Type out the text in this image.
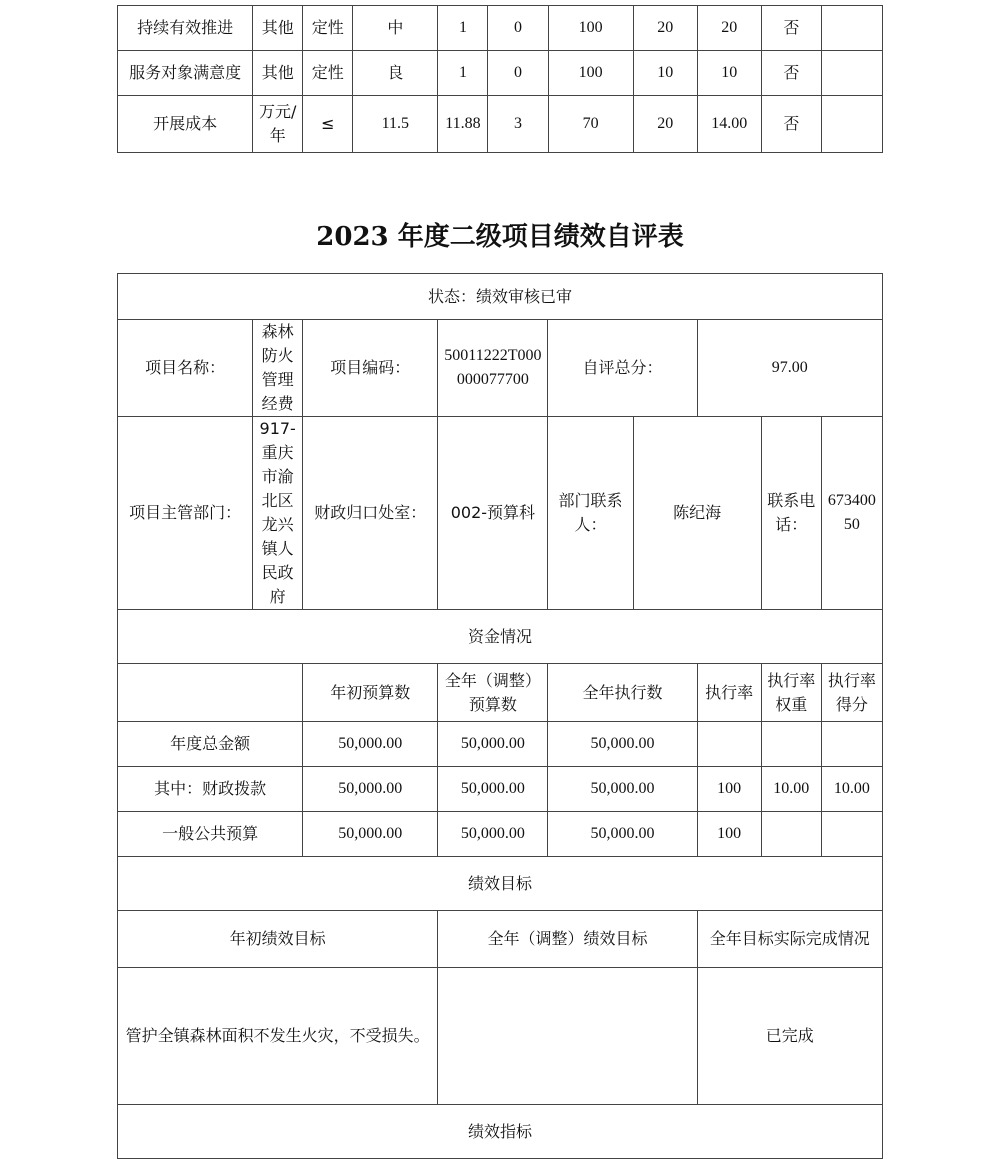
持续有效推进	其他	定性	中	1	0	100	20	20	否	
服务对象满意度	其他	定性	良	1	0	100	10	10	否	
开展成本	万元/年	≤	11.5	11.88	3	70	20	14.00	否	
2023 年度二级项目绩效自评表
状态：绩效审核已审								
项目名称：	森林防火管理经费	项目编码：	50011222T000000077700	自评总分：		97.00		
项目主管部门：	917-重庆市渝北区龙兴镇人民政府	财政归口处室：	002-预算科	部门联系人：	陈纪海		联系电话：	67340050
资金情况								
		年初预算数	全年（调整）预算数	全年执行数		执行率	执行率权重	执行率得分
年度总金额		50,000.00	50,000.00	50,000.00				
其中：财政拨款		50,000.00	50,000.00	50,000.00		100	10.00	10.00
一般公共预算		50,000.00	50,000.00	50,000.00		100		
绩效目标								
年初绩效目标			全年（调整）绩效目标			全年目标实际完成情况		
管护全镇森林面积不发生火灾，不受损失。						已完成		
绩效指标								
